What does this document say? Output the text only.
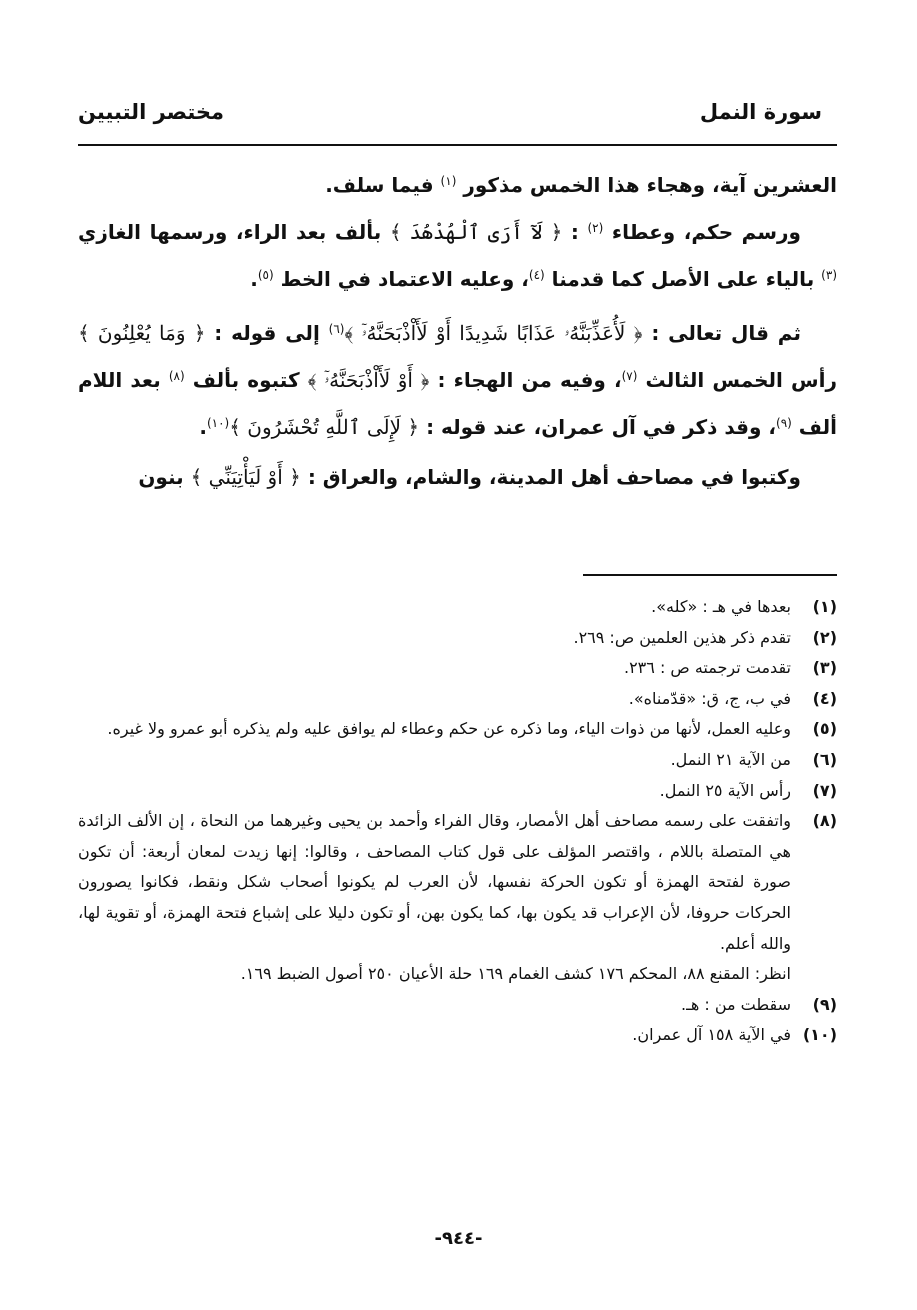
سورة النمل
مختصر التبيين

العشرين آية، وهجاء هذا الخمس مذكور $^{(١)}$ فيما سلف.

ورسم حكم، وعطاء $^{(٢)}$ : ﴿ لَآ أَرَى ٱلْهُدْهُدَ ﴾ بألف بعد الراء، ورسمها الغازي $^{(٣)}$ بالياء على الأصل كما قدمنا $^{(٤)}$، وعليه الاعتماد في الخط $^{(٥)}$.

ثم قال تعالى : ﴿ لَأُعَذِّبَنَّهُۥ عَذَابًا شَدِيدًا أَوْ لَأَاْذْبَحَنَّهُۥٓ ﴾$^{(٦)}$ إلى قوله : ﴿ وَمَا يُعْلِنُونَ ﴾ رأس الخمس الثالث $^{(٧)}$، وفيه من الهجاء : ﴿ أَوْ لَأَاْذْبَحَنَّهُۥٓ ﴾ كتبوه بألف $^{(٨)}$ بعد اللام ألف $^{(٩)}$، وقد ذكر في آل عمران، عند قوله : ﴿ لَإِلَى ٱللَّهِ تُحْشَرُونَ ﴾$^{(١٠)}$.

وكتبوا في مصاحف أهل المدينة، والشام، والعراق : ﴿ أَوْ لَيَأْتِيَنِّي ﴾ بنون

(١)
بعدها في هـ : «كله».
(٢)
تقدم ذكر هذين العلمين ص: ٢٦٩.
(٣)
تقدمت ترجمته ص : ٢٣٦.
(٤)
في ب، ج، ق: «قدّمناه».
(٥)
وعليه العمل، لأنها من ذوات الياء، وما ذكره عن حكم وعطاء لم يوافق عليه ولم يذكره أبو عمرو ولا غيره.
(٦)
من الآية ٢١ النمل.
(٧)
رأس الآية ٢٥ النمل.
(٨)
واتفقت على رسمه مصاحف أهل الأمصار، وقال الفراء وأحمد بن يحيى وغيرهما من النحاة ، إن الألف الزائدة هي المتصلة باللام ، واقتصر المؤلف على قول كتاب المصاحف ، وقالوا: إنها زيدت لمعان أربعة: أن تكون صورة لفتحة الهمزة أو تكون الحركة نفسها، لأن العرب لم يكونوا أصحاب شكل ونقط، فكانوا يصورون الحركات حروفا، لأن الإعراب قد يكون بها، كما يكون بهن، أو تكون دليلا على إشباع فتحة الهمزة، أو تقوية لها، والله أعلم.
انظر: المقنع ٨٨، المحكم ١٧٦ كشف الغمام ١٦٩ حلة الأعيان ٢٥٠ أصول الضبط ١٦٩.
(٩)
سقطت من : هـ.
(١٠)
في الآية ١٥٨ آل عمران.
-٩٤٤-
